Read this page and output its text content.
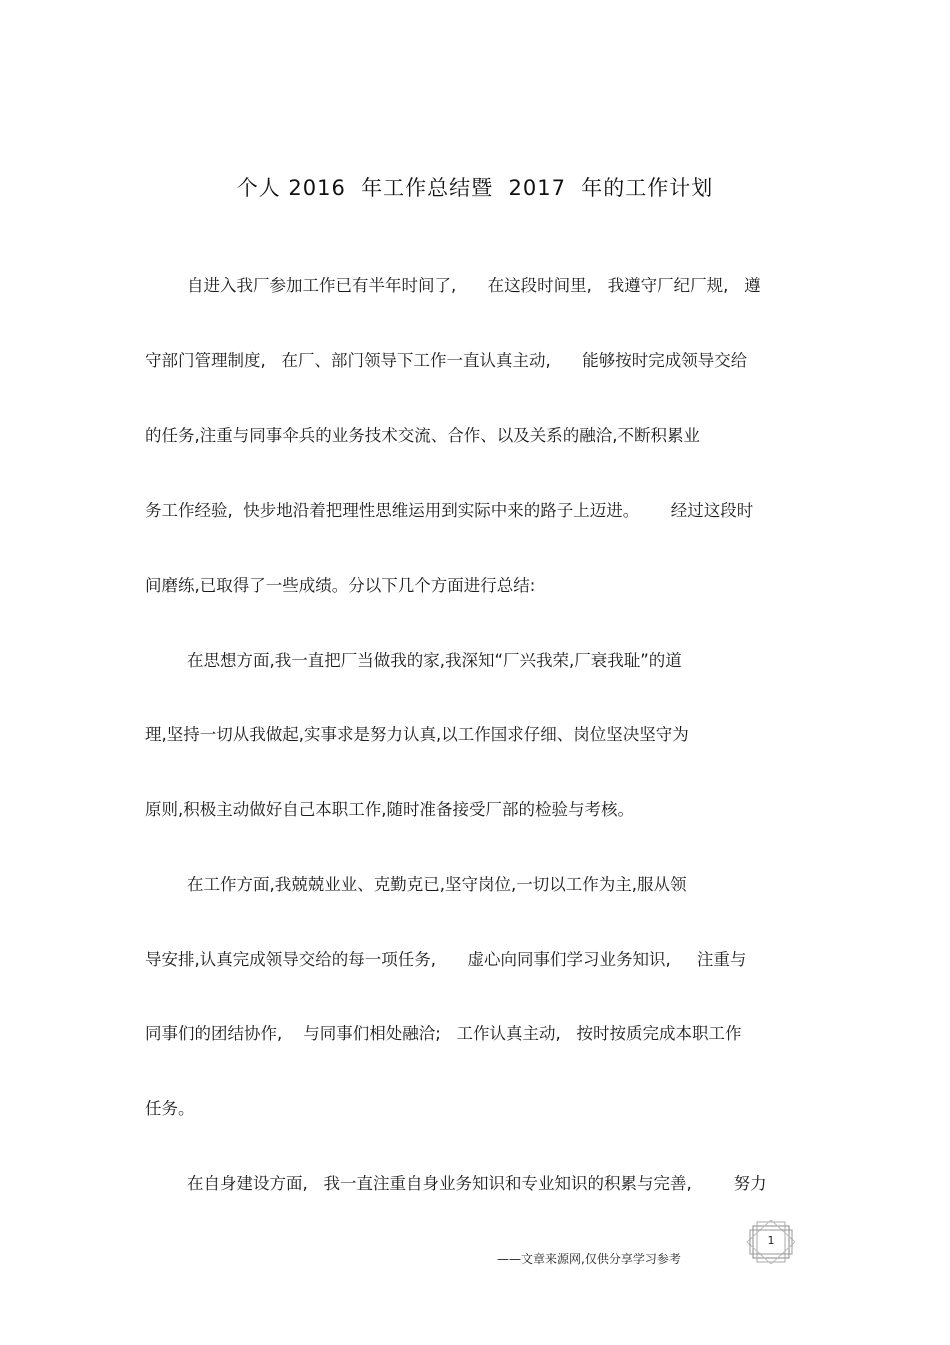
个人 2016  年工作总结暨  2017  年的工作计划
自进入我厂参加工作已有半年时间了,      在这段时间里,   我遵守厂纪厂规,   遵
守部门管理制度,   在厂、部门领导下工作一直认真主动,      能够按时完成领导交给
的任务,注重与同事伞兵的业务技术交流、合作、以及关系的融洽,不断积累业
务工作经验,  快步地沿着把理性思维运用到实际中来的路子上迈进。      经过这段时
间磨练,已取得了一些成绩。分以下几个方面进行总结:
在思想方面,我一直把厂当做我的家,我深知“厂兴我荣,厂衰我耻”的道
理,坚持一切从我做起,实事求是努力认真,以工作国求仔细、岗位坚决坚守为
原则,积极主动做好自己本职工作,随时准备接受厂部的检验与考核。
在工作方面,我兢兢业业、克勤克已,坚守岗位,一切以工作为主,服从领
导安排,认真完成领导交给的每一项任务,      虚心向同事们学习业务知识,     注重与
同事们的团结协作,    与同事们相处融洽;   工作认真主动,   按时按质完成本职工作
任务。
在自身建设方面,   我一直注重自身业务知识和专业知识的积累与完善,        努力
1
——文章来源网,仅供分享学习参考
